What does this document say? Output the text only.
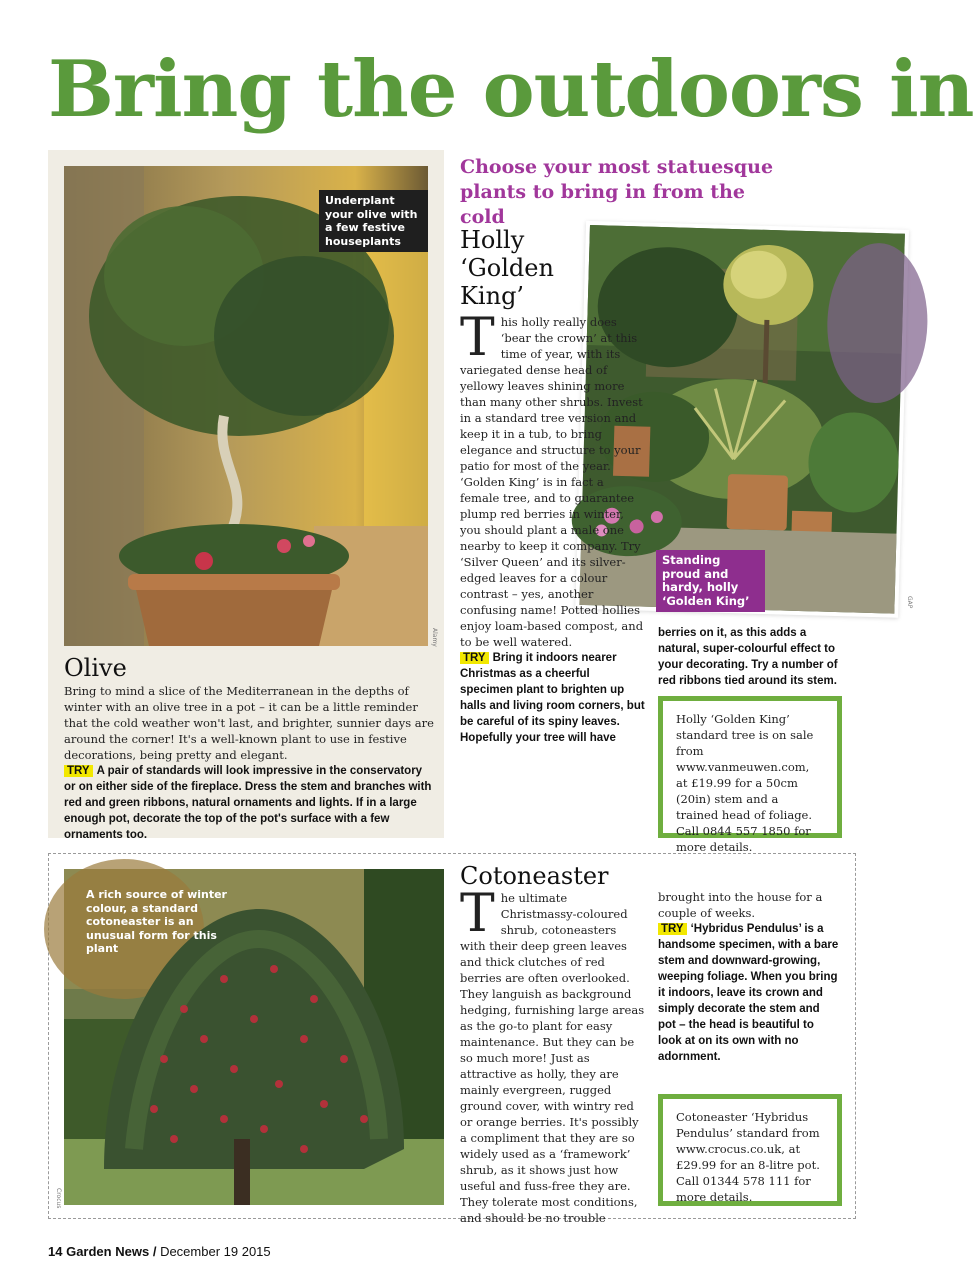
Bring the outdoors in
Underplant your olive with a few festive houseplants
Alamy
Olive
Bring to mind a slice of the Mediterranean in the depths of winter with an olive tree in a pot – it can be a little reminder that the cold weather won't last, and brighter, sunnier days are around the corner! It's a well-known plant to use in festive decorations, being pretty and elegant.
TRY A pair of standards will look impressive in the conservatory or on either side of the fireplace. Dress the stem and branches with red and green ribbons, natural ornaments and lights. If in a large enough pot, decorate the top of the pot's surface with a few ornaments too.
Choose your most statuesque plants to bring in from the cold
Standing proud and hardy, holly ‘Golden King’	GAP
Holly ‘Golden King’
This holly really does ‘bear the crown’ at this time of year, with its variegated dense head of yellowy leaves shining more than many other shrubs. Invest in a standard tree version and keep it in a tub, to bring elegance and structure to your patio for most of the year. ‘Golden King’ is in fact a female tree, and to guarantee plump red berries in winter, you should plant a male one nearby to keep it company. Try ‘Silver Queen’ and its silver-edged leaves for a colour contrast – yes, another confusing name! Potted hollies enjoy loam-based compost, and to be well watered.
TRY Bring it indoors nearer Christmas as a cheerful specimen plant to brighten up halls and living room corners, but be careful of its spiny leaves. Hopefully your tree will have
berries on it, as this adds a natural, super-colourful effect to your decorating. Try a number of red ribbons tied around its stem.
Holly ‘Golden King’ standard tree is on sale from www.vanmeuwen.com, at £19.99 for a 50cm (20in) stem and a trained head of foliage. Call 0844 557 1850 for more details.
A rich source of winter colour, a standard cotoneaster is an unusual form for this plant
Crocus
Cotoneaster
The ultimate Christmassy-coloured shrub, cotoneasters with their deep green leaves and thick clutches of red berries are often overlooked. They languish as background hedging, furnishing large areas as the go-to plant for easy maintenance. But they can be so much more! Just as attractive as holly, they are mainly evergreen, rugged ground cover, with wintry red or orange berries. It's possibly a compliment that they are so widely used as a ‘framework’ shrub, as it shows just how useful and fuss-free they are. They tolerate most conditions, and should be no trouble
brought into the house for a couple of weeks.
TRY ‘Hybridus Pendulus’ is a handsome specimen, with a bare stem and downward-growing, weeping foliage. When you bring it indoors, leave its crown and simply decorate the stem and pot – the head is beautiful to look at on its own with no adornment.
Cotoneaster ‘Hybridus Pendulus’ standard from www.crocus.co.uk, at £29.99 for an 8-litre pot. Call 01344 578 111 for more details.
14 Garden News / December 19 2015
